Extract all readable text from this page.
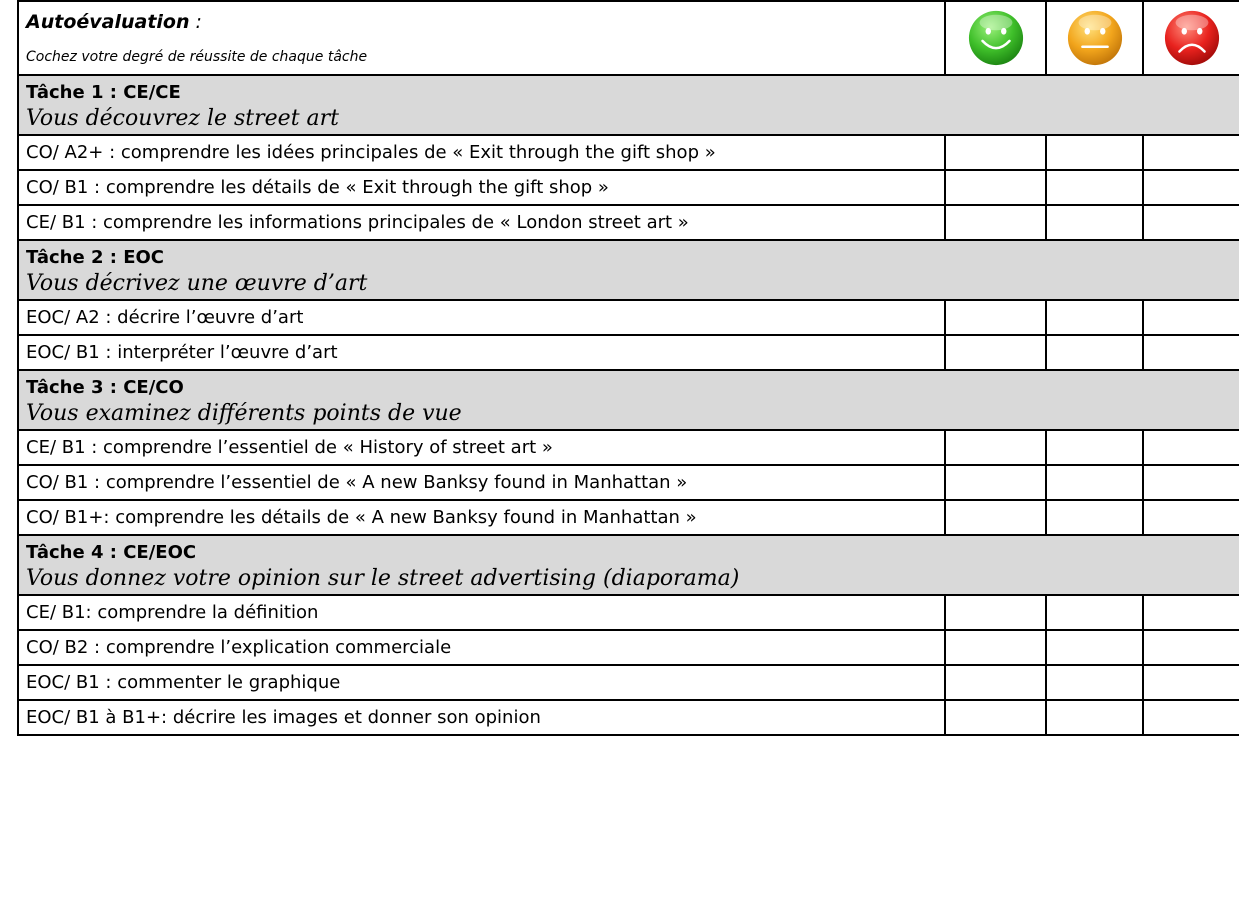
Autoévaluation :
Cochez votre degré de réussite de chaque tâche

Tâche 1 : CE/CE
Vous découvrez le street art			

CO/ A2+ : comprendre les idées principales de « Exit through the gift shop »			
CO/ B1 : comprendre les détails de « Exit through the gift shop »			
CE/ B1 : comprendre les informations principales de « London street art »			

Tâche 2 : EOC
Vous décrivez une œuvre d’art			

EOC/ A2 : décrire l’œuvre d’art			
EOC/ B1 : interpréter l’œuvre d’art			

Tâche 3 : CE/CO
Vous examinez différents points de vue			

CE/ B1 : comprendre l’essentiel de « History of street art »			
CO/ B1 : comprendre l’essentiel de « A new Banksy found in Manhattan »			
CO/ B1+: comprendre les détails de « A new Banksy found in Manhattan »			

Tâche 4 : CE/EOC
Vous donnez votre opinion sur le street advertising (diaporama)			

CE/ B1: comprendre la définition			
CO/ B2 : comprendre l’explication commerciale			
EOC/ B1 : commenter le graphique			
EOC/ B1 à B1+: décrire les images et donner son opinion			
